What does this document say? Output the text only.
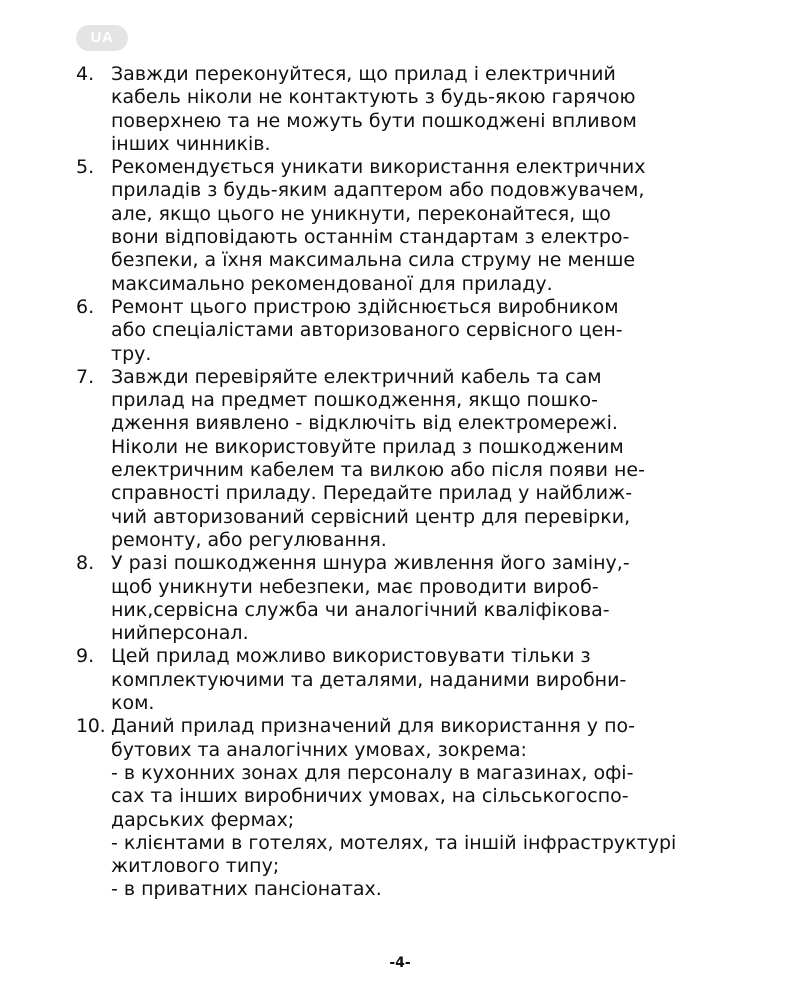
UA
4. Завжди переконуйтеся, що прилад і електричний
кабель ніколи не контактують з будь-якою гарячою
поверхнею та не можуть бути пошкоджені впливом
інших чинників.
5. Рекомендується уникати використання електричних
приладів з будь-яким адаптером або подовжувачем,
але, якщо цього не уникнути, переконайтеся, що
вони відповідають останнім стандартам з електро-
безпеки, а їхня максимальна сила струму не менше
максимально рекомендованої для приладу.
6. Ремонт цього пристрою здійснюється виробником
або спеціалістами авторизованого сервісного цен-
тру.
7. Завжди перевіряйте електричний кабель та сам
прилад на предмет пошкодження, якщо пошко-
дження виявлено - відключіть від електромережі.
Ніколи не використовуйте прилад з пошкодженим
електричним кабелем та вилкою або після появи не-
справності приладу. Передайте прилад у найближ-
чий авторизований сервісний центр для перевірки,
ремонту, або регулювання.
8. У разі пошкодження шнура живлення його заміну,-
щоб уникнути небезпеки, має проводити вироб-
ник,сервісна служба чи аналогічний кваліфікова-
нийперсонал.
9. Цей прилад можливо використовувати тільки з
комплектуючими та деталями, наданими виробни-
ком.
10. Даний прилад призначений для використання у по-
бутових та аналогічних умовах, зокрема:
- в кухонних зонах для персоналу в магазинах, офі-
сах та інших виробничих умовах, на сільськогоспо-
дарських фермах;
- клієнтами в готелях, мотелях, та іншій інфраструктурі
житлового типу;
- в приватних пансіонатах.
-4-
